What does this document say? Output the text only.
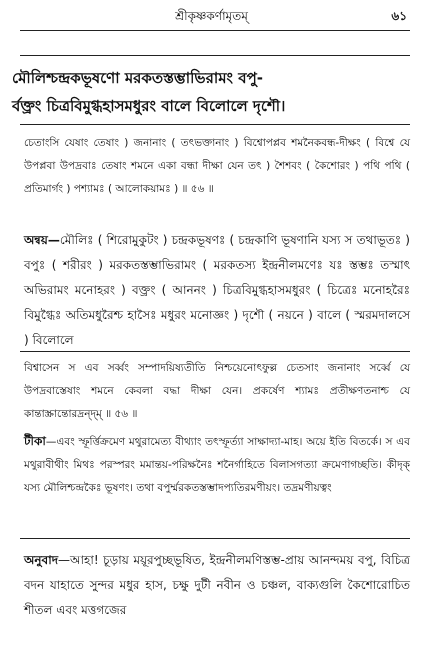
শ্রীকৃষ্ণকর্ণামৃতম্‌	৬১
মৌলিশ্চন্দ্রকভূষণো মরকতস্তম্ভাভিরামং বপু-
র্বক্ত্রং চিত্রবিমুগ্ধহাসমধুরং বালে বিলোলে দৃশৌ।

চেতাংসি যেষাং তেষাং ) জনানাং ( তৎভক্তানাং ) বিশ্বোপপ্লব শমনৈকবন্ধ-দীক্ষং ( বিশ্বে যে উপপ্লবা উপদ্রবাঃ তেষাং শমনে একা বন্ধা দীক্ষা যেন তৎ ) শৈশবং ( কৈশোরং ) পথি পথি ( প্রতিমার্গং ) পশ্যামঃ ( আলোকয়ামঃ ) ॥ ৫৬ ॥

অন্বয়—মৌলিঃ ( শিরোমুকুটং ) চন্দ্রকভূষণঃ ( চন্দ্রকাণি ভূষণানি যস্য স তথাভূতঃ ) বপুঃ ( শরীরং ) মরকতস্তম্ভাভিরামং ( মরকতস্য ইন্দ্রনীলমণেঃ যঃ স্তম্ভঃ তস্মাৎ অভিরামং মনোহরং ) বক্ত্রং ( আননং ) চিত্রবিমুগ্ধহাসমধুরং ( চিত্রেঃ মনোহরৈঃ বিমুগ্ধৈঃ অতিমধুরৈশ্চ হাসৈঃ মধুরং মনোজ্ঞং ) দৃশৌ ( নয়নে ) বালে ( স্মরমদালসে ) বিলোলে

বিশ্বাসেন স এব সর্ব্বং সম্পাদয়িষ্যতীতি নিশ্চয়েনোৎফুল্ল চেতসাং জনানাং সর্ব্বে যে উপদ্রবাস্তেষাং শমনে কেবলা বদ্ধা দীক্ষা যেন। প্রকর্ষেণ শ্যামঃ প্রতীক্ষণতনাশ্চ যে কান্তাস্ক্রান্তোরদ্রন্দ্ম্‌ ॥ ৫৬ ॥

টীকা—এবং স্ফূর্ত্তিক্রমেণ মথুরামেত্য বীথ্যাং তৎস্ফূর্ত্যা সাক্ষাদ্যা-মাহ। অয়ে ইতি বিতর্কে। স এব মথুরাবীথীং মিথঃ পরস্পরং মমান্তয়-পরিক্ষনৈঃ শনৈর্গাহিতে বিলাসগত্যা ক্রমেণাগচ্ছতি। কীদৃক্‌ যস্য মৌলিশ্চন্দ্রকৈঃ ভূষণং। তথা বপুর্ম্মরকতস্তম্ভাদপ্যতিরমণীয়ং। তদ্রমণীয়ত্বং

অনুবাদ—আহা! চূড়ায় ময়ূরপুচ্ছভূষিত, ইন্দ্রনীলমণিস্তম্ভ-প্রায় আনন্দময় বপু, বিচিত্র বদন যাহাতে সুন্দর মধুর হাস, চক্ষু দুটী নবীন ও চঞ্চল, বাক্যগুলি কৈশোরোচিত শীতল এবং মত্তগজের
